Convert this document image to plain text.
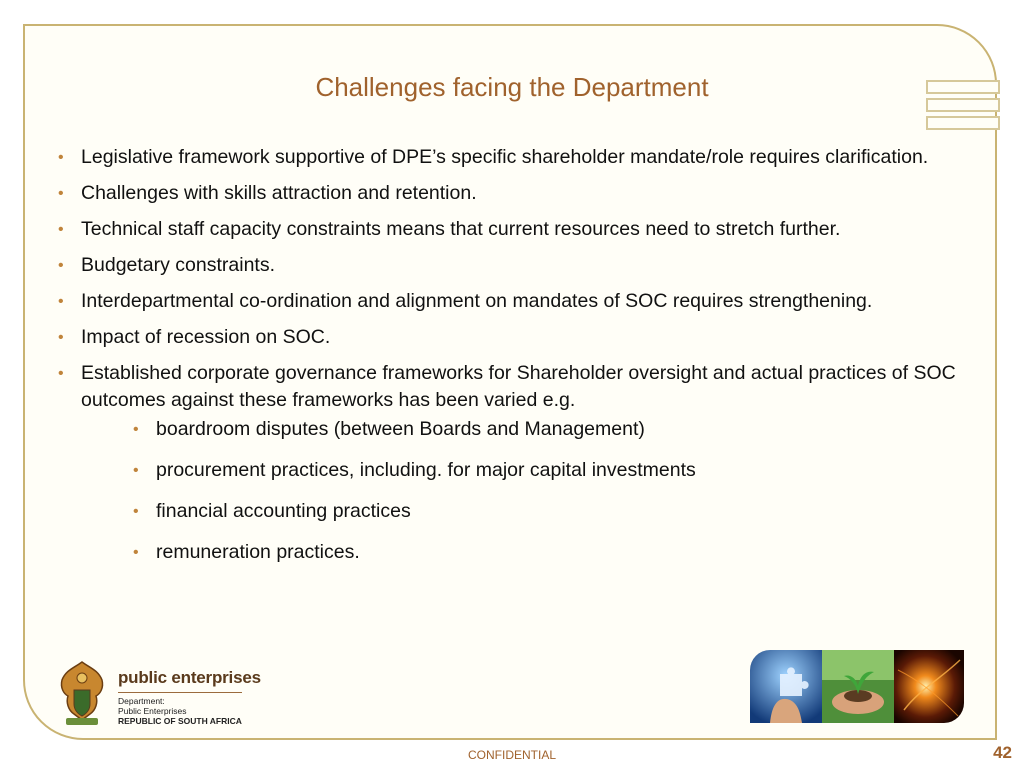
Challenges facing the Department
• Legislative framework supportive of DPE’s specific shareholder mandate/role requires clarification.
• Challenges with skills attraction and retention.
• Technical staff capacity constraints means that current resources need to stretch further.
• Budgetary constraints.
• Interdepartmental co-ordination and alignment on mandates of SOC requires strengthening.
• Impact of recession on SOC.
• Established corporate governance frameworks for Shareholder oversight and actual practices of SOC outcomes against these frameworks has been varied e.g.
• boardroom disputes (between Boards and Management)
• procurement practices, including. for major capital investments
• financial accounting practices
• remuneration practices.
public enterprises
Department:
Public Enterprises
REPUBLIC OF SOUTH AFRICA
CONFIDENTIAL	42
